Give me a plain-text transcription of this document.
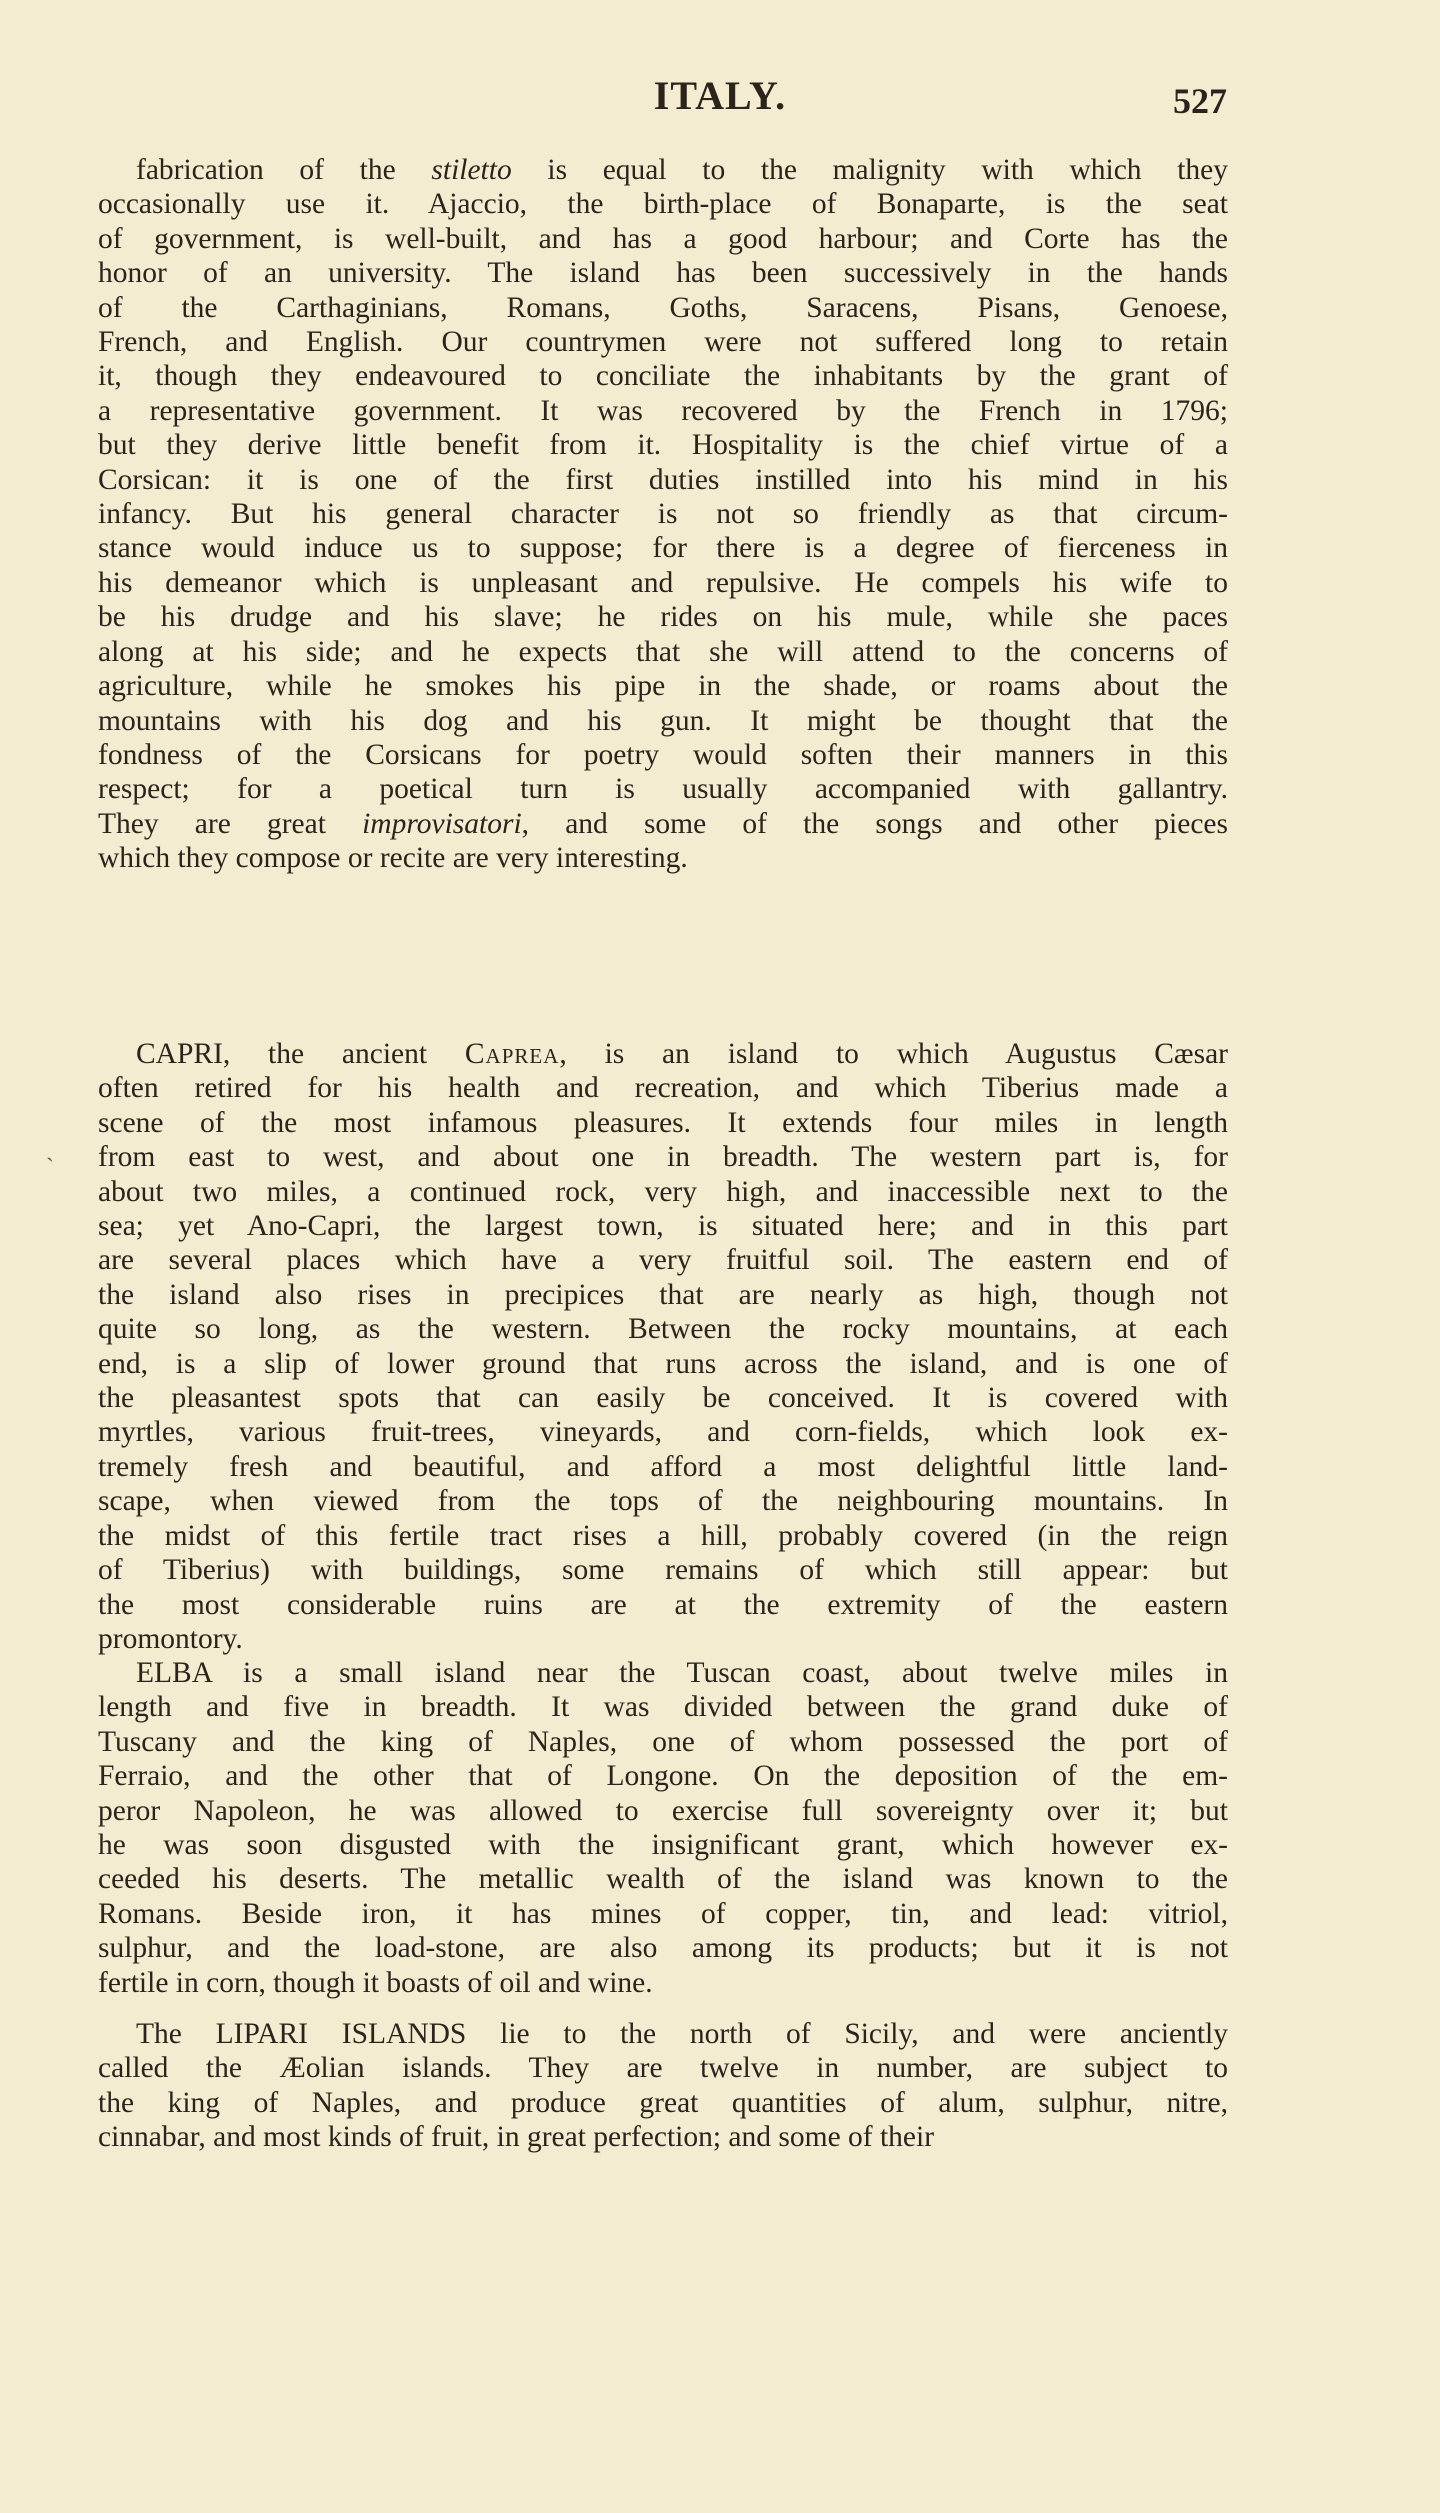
ITALY.	527
ˎ
fabrication of the stiletto is equal to the malignity with which they
occasionally use it. Ajaccio, the birth-place of Bonaparte, is the seat
of government, is well-built, and has a good harbour; and Corte has the
honor of an university. The island has been successively in the hands
of the Carthaginians, Romans, Goths, Saracens, Pisans, Genoese,
French, and English. Our countrymen were not suffered long to retain
it, though they endeavoured to conciliate the inhabitants by the grant of
a representative government. It was recovered by the French in 1796;
but they derive little benefit from it. Hospitality is the chief virtue of a
Corsican: it is one of the first duties instilled into his mind in his
infancy. But his general character is not so friendly as that circum-
stance would induce us to suppose; for there is a degree of fierceness in
his demeanor which is unpleasant and repulsive. He compels his wife to
be his drudge and his slave; he rides on his mule, while she paces
along at his side; and he expects that she will attend to the concerns of
agriculture, while he smokes his pipe in the shade, or roams about the
mountains with his dog and his gun. It might be thought that the
fondness of the Corsicans for poetry would soften their manners in this
respect; for a poetical turn is usually accompanied with gallantry.
They are great improvisatori, and some of the songs and other pieces
which they compose or recite are very interesting.
CAPRI, the ancient Caprea, is an island to which Augustus Cæsar
often retired for his health and recreation, and which Tiberius made a
scene of the most infamous pleasures. It extends four miles in length
from east to west, and about one in breadth. The western part is, for
about two miles, a continued rock, very high, and inaccessible next to the
sea; yet Ano-Capri, the largest town, is situated here; and in this part
are several places which have a very fruitful soil. The eastern end of
the island also rises in precipices that are nearly as high, though not
quite so long, as the western. Between the rocky mountains, at each
end, is a slip of lower ground that runs across the island, and is one of
the pleasantest spots that can easily be conceived. It is covered with
myrtles, various fruit-trees, vineyards, and corn-fields, which look ex-
tremely fresh and beautiful, and afford a most delightful little land-
scape, when viewed from the tops of the neighbouring mountains. In
the midst of this fertile tract rises a hill, probably covered (in the reign
of Tiberius) with buildings, some remains of which still appear: but
the most considerable ruins are at the extremity of the eastern
promontory.
ELBA is a small island near the Tuscan coast, about twelve miles in
length and five in breadth. It was divided between the grand duke of
Tuscany and the king of Naples, one of whom possessed the port of
Ferraio, and the other that of Longone. On the deposition of the em-
peror Napoleon, he was allowed to exercise full sovereignty over it; but
he was soon disgusted with the insignificant grant, which however ex-
ceeded his deserts. The metallic wealth of the island was known to the
Romans. Beside iron, it has mines of copper, tin, and lead: vitriol,
sulphur, and the load-stone, are also among its products; but it is not
fertile in corn, though it boasts of oil and wine.
The LIPARI ISLANDS lie to the north of Sicily, and were anciently
called the Æolian islands. They are twelve in number, are subject to
the king of Naples, and produce great quantities of alum, sulphur, nitre,
cinnabar, and most kinds of fruit, in great perfection; and some of their
